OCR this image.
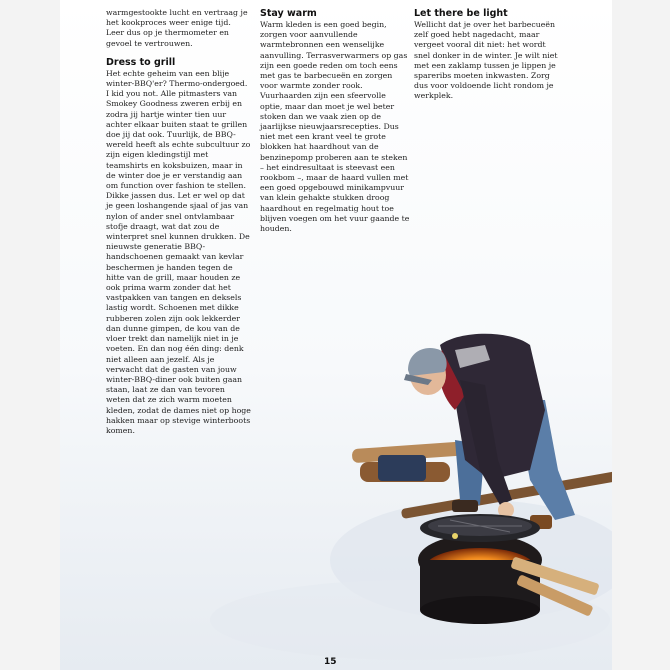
warmgestookte lucht en vertraag je het kookproces weer enige tijd. Leer dus op je thermometer en gevoel te vertrouwen.

Dress to grill

Het echte geheim van een blije winter-BBQ'er? Thermo-ondergoed. I kid you not. Alle pitmasters van Smokey Goodness zweren erbij en zodra jij hartje winter tien uur achter elkaar buiten staat te grillen doe jij dat ook. Tuurlijk, de BBQ-wereld heeft als echte subcultuur zo zijn eigen kledingstijl met teamshirts en koksbuizen, maar in de winter doe je er verstandig aan om function over fashion te stellen. Dikke jassen dus. Let er wel op dat je geen loshangende sjaal of jas van nylon of ander snel ontvlambaar stofje draagt, wat dat zou de winterpret snel kunnen drukken. De nieuwste generatie BBQ-handschoenen gemaakt van kevlar beschermen je handen tegen de hitte van de grill, maar houden ze ook prima warm zonder dat het vastpakken van tangen en deksels lastig wordt. Schoenen met dikke rubberen zolen zijn ook lekkerder dan dunne gimpen, de kou van de vloer trekt dan namelijk niet in je voeten. En dan nog één ding: denk niet alleen aan jezelf. Als je verwacht dat de gasten van jouw winter-BBQ-diner ook buiten gaan staan, laat ze dan van tevoren weten dat ze zich warm moeten kleden, zodat de dames niet op hoge hakken maar op stevige winterboots komen.

Stay warm

Warm kleden is een goed begin, zorgen voor aanvullende warmtebronnen een wenselijke aanvulling. Terrasverwarmers op gas zijn een goede reden om toch eens met gas te barbecueën en zorgen voor warmte zonder rook. Vuurhaarden zijn een sfeervolle optie, maar dan moet je wel beter stoken dan we vaak zien op de jaarlijkse nieuwjaarsrecepties. Dus niet met een krant veel te grote blokken hat haardhout van de benzinepomp proberen aan te steken – het eindresultaat is steevast een rookbom –, maar de haard vullen met een goed opgebouwd minikampvuur van klein gehakte stukken droog haardhout en regelmatig hout toe blijven voegen om het vuur gaande te houden.

Let there be light

Wellicht dat je over het barbecueën zelf goed hebt nagedacht, maar vergeet vooral dit niet: het wordt snel donker in de winter. Je wilt niet met een zaklamp tussen je lippen je spareribs moeten inkwasten. Zorg dus voor voldoende licht rondom je werkplek.

15
